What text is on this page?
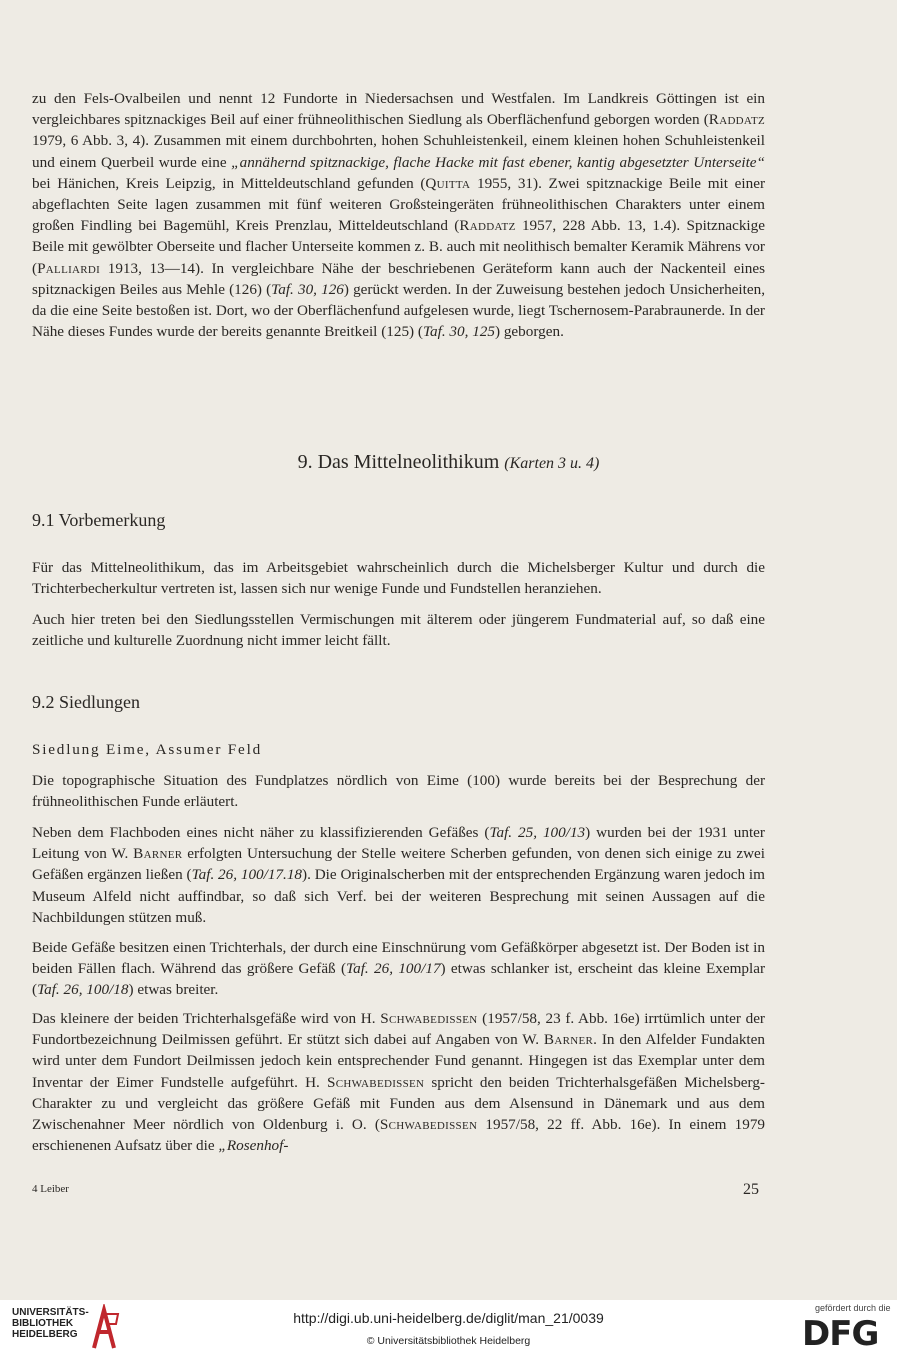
zu den Fels-Ovalbeilen und nennt 12 Fundorte in Niedersachsen und Westfalen. Im Landkreis Göttingen ist ein vergleichbares spitznackiges Beil auf einer frühneolithischen Siedlung als Oberflächenfund geborgen worden (Raddatz 1979, 6 Abb. 3, 4). Zusammen mit einem durchbohrten, hohen Schuhleistenkeil, einem kleinen hohen Schuhleistenkeil und einem Querbeil wurde eine „annähernd spitznackige, flache Hacke mit fast ebener, kantig abgesetzter Unterseite“ bei Hänichen, Kreis Leipzig, in Mitteldeutschland gefunden (Quitta 1955, 31). Zwei spitznackige Beile mit einer abgeflachten Seite lagen zusammen mit fünf weiteren Großsteingeräten frühneolithischen Charakters unter einem großen Findling bei Bagemühl, Kreis Prenzlau, Mitteldeutschland (Raddatz 1957, 228 Abb. 13, 1.4). Spitznackige Beile mit gewölbter Oberseite und flacher Unterseite kommen z. B. auch mit neolithisch bemalter Keramik Mährens vor (Palliardi 1913, 13—14). In vergleichbare Nähe der beschriebenen Geräteform kann auch der Nackenteil eines spitznackigen Beiles aus Mehle (126) (Taf. 30, 126) gerückt werden. In der Zuweisung bestehen jedoch Unsicherheiten, da die eine Seite bestoßen ist. Dort, wo der Oberflächenfund aufgelesen wurde, liegt Tschernosem-Parabraunerde. In der Nähe dieses Fundes wurde der bereits genannte Breitkeil (125) (Taf. 30, 125) geborgen.

9. Das Mittelneolithikum (Karten 3 u. 4)
9.1 Vorbemerkung

Für das Mittelneolithikum, das im Arbeitsgebiet wahrscheinlich durch die Michelsberger Kultur und durch die Trichterbecherkultur vertreten ist, lassen sich nur wenige Funde und Fundstellen heranziehen.

Auch hier treten bei den Siedlungsstellen Vermischungen mit älterem oder jüngerem Fundmaterial auf, so daß eine zeitliche und kulturelle Zuordnung nicht immer leicht fällt.

9.2 Siedlungen
Siedlung Eime, Assumer Feld

Die topographische Situation des Fundplatzes nördlich von Eime (100) wurde bereits bei der Besprechung der frühneolithischen Funde erläutert.

Neben dem Flachboden eines nicht näher zu klassifizierenden Gefäßes (Taf. 25, 100/13) wurden bei der 1931 unter Leitung von W. Barner erfolgten Untersuchung der Stelle weitere Scherben gefunden, von denen sich einige zu zwei Gefäßen ergänzen ließen (Taf. 26, 100/17.18). Die Originalscherben mit der entsprechenden Ergänzung waren jedoch im Museum Alfeld nicht auffindbar, so daß sich Verf. bei der weiteren Besprechung mit seinen Aussagen auf die Nachbildungen stützen muß.

Beide Gefäße besitzen einen Trichterhals, der durch eine Einschnürung vom Gefäßkörper abgesetzt ist. Der Boden ist in beiden Fällen flach. Während das größere Gefäß (Taf. 26, 100/17) etwas schlanker ist, erscheint das kleine Exemplar (Taf. 26, 100/18) etwas breiter.

Das kleinere der beiden Trichterhalsgefäße wird von H. Schwabedissen (1957/58, 23 f. Abb. 16e) irrtümlich unter der Fundortbezeichnung Deilmissen geführt. Er stützt sich dabei auf Angaben von W. Barner. In den Alfelder Fundakten wird unter dem Fundort Deilmissen jedoch kein entsprechender Fund genannt. Hingegen ist das Exemplar unter dem Inventar der Eimer Fundstelle aufgeführt. H. Schwabedissen spricht den beiden Trichterhalsgefäßen Michelsberg-Charakter zu und vergleicht das größere Gefäß mit Funden aus dem Alsensund in Dänemark und aus dem Zwischenahner Meer nördlich von Oldenburg i. O. (Schwabedissen 1957/58, 22 ff. Abb. 16e). In einem 1979 erschienenen Aufsatz über die „Rosenhof-

4 Leiber	25
UNIVERSITÄTS-
BIBLIOTHEK
HEIDELBERG
http://digi.ub.uni-heidelberg.de/diglit/man_21/0039
© Universitätsbibliothek Heidelberg
gefördert durch die
DFG
